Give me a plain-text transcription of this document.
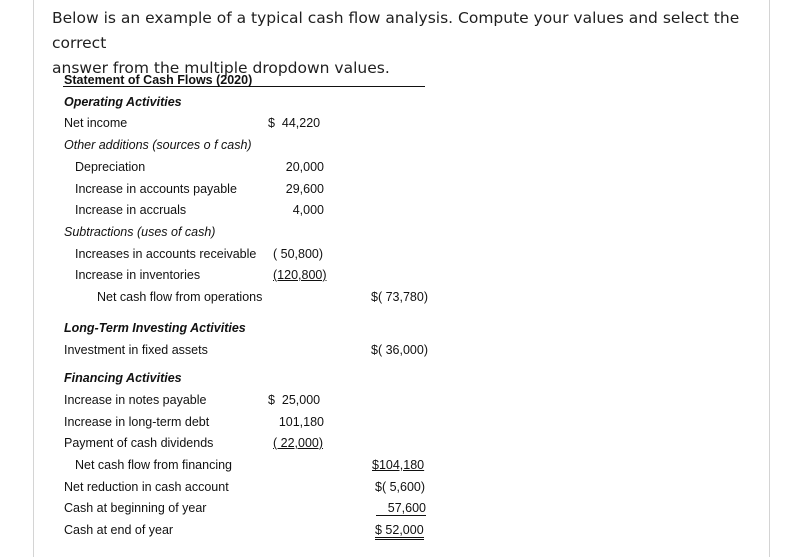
Below is an example of a typical cash flow analysis. Compute your values and select the correct
answer from the multiple dropdown values.
Statement of Cash Flows (2020)
Operating Activities
Net income	$  44,220
Other additions (sources o f cash)
Depreciation	20,000
Increase in accounts payable	29,600
Increase in accruals	4,000
Subtractions (uses of cash)
Increases in accounts receivable ( 50,800)
Increase in inventories	(120,800)
Net cash flow from operations	$( 73,780)
Long-Term Investing Activities
Investment in fixed assets	$( 36,000)
Financing Activities
Increase in notes payable	$  25,000
Increase in long-term debt	101,180
Payment of cash dividends	( 22,000)
Net cash flow from financing	$104,180
Net reduction in cash account	$( 5,600)
Cash at beginning of year	57,600
Cash at end of year	$ 52,000
